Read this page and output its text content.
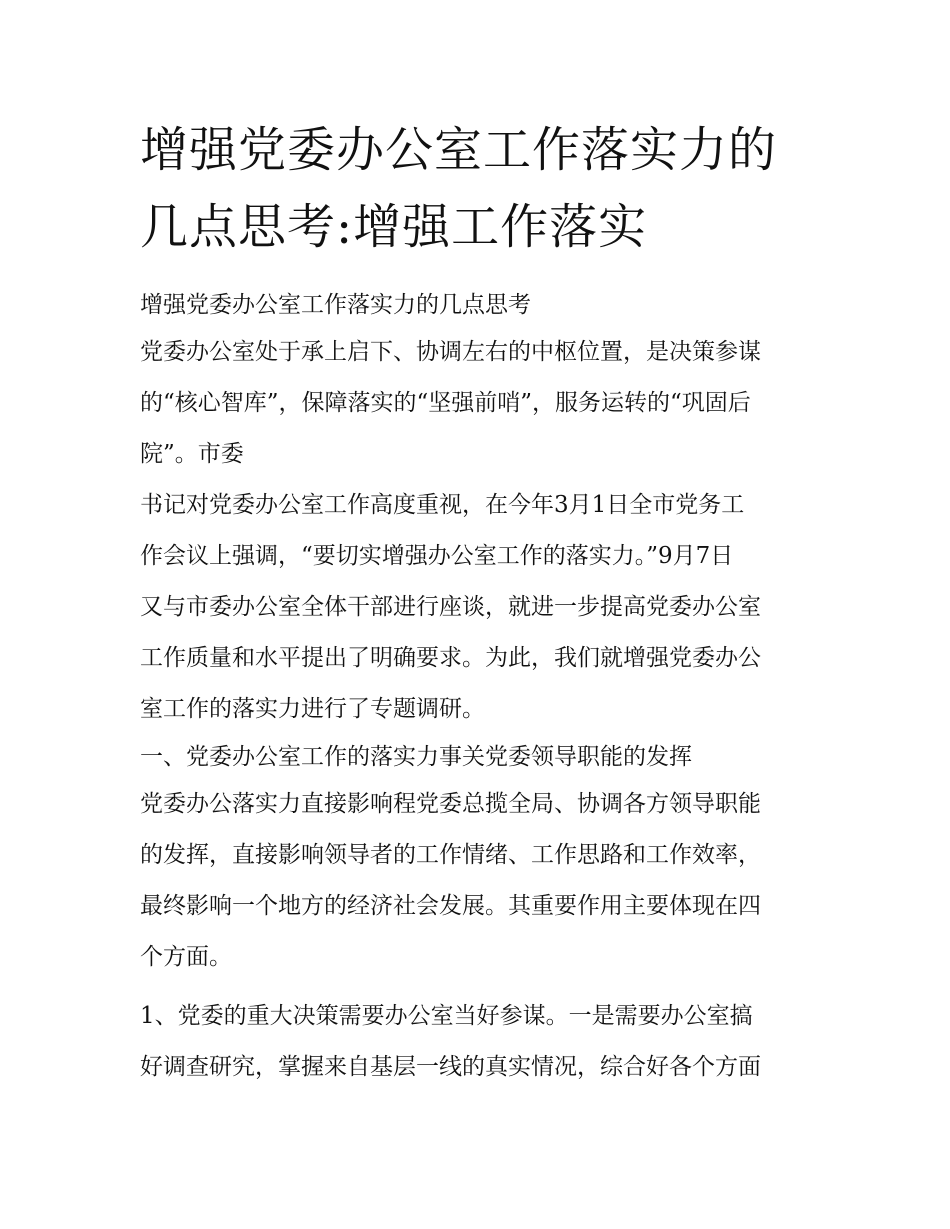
增强党委办公室工作落实力的
几点思考:增强工作落实

增强党委办公室工作落实力的几点思考

党委办公室处于承上启下、协调左右的中枢位置，是决策参谋
的“核心智库”，保障落实的“坚强前哨”，服务运转的“巩固后
院”。市委

书记对党委办公室工作高度重视，在今年3月1日全市党务工
作会议上强调，“要切实增强办公室工作的落实力。”9月7日
又与市委办公室全体干部进行座谈，就进一步提高党委办公室
工作质量和水平提出了明确要求。为此，我们就增强党委办公
室工作的落实力进行了专题调研。

一、党委办公室工作的落实力事关党委领导职能的发挥

党委办公落实力直接影响程党委总揽全局、协调各方领导职能
的发挥，直接影响领导者的工作情绪、工作思路和工作效率，
最终影响一个地方的经济社会发展。其重要作用主要体现在四
个方面。

1、党委的重大决策需要办公室当好参谋。一是需要办公室搞
好调查研究，掌握来自基层一线的真实情况，综合好各个方面
